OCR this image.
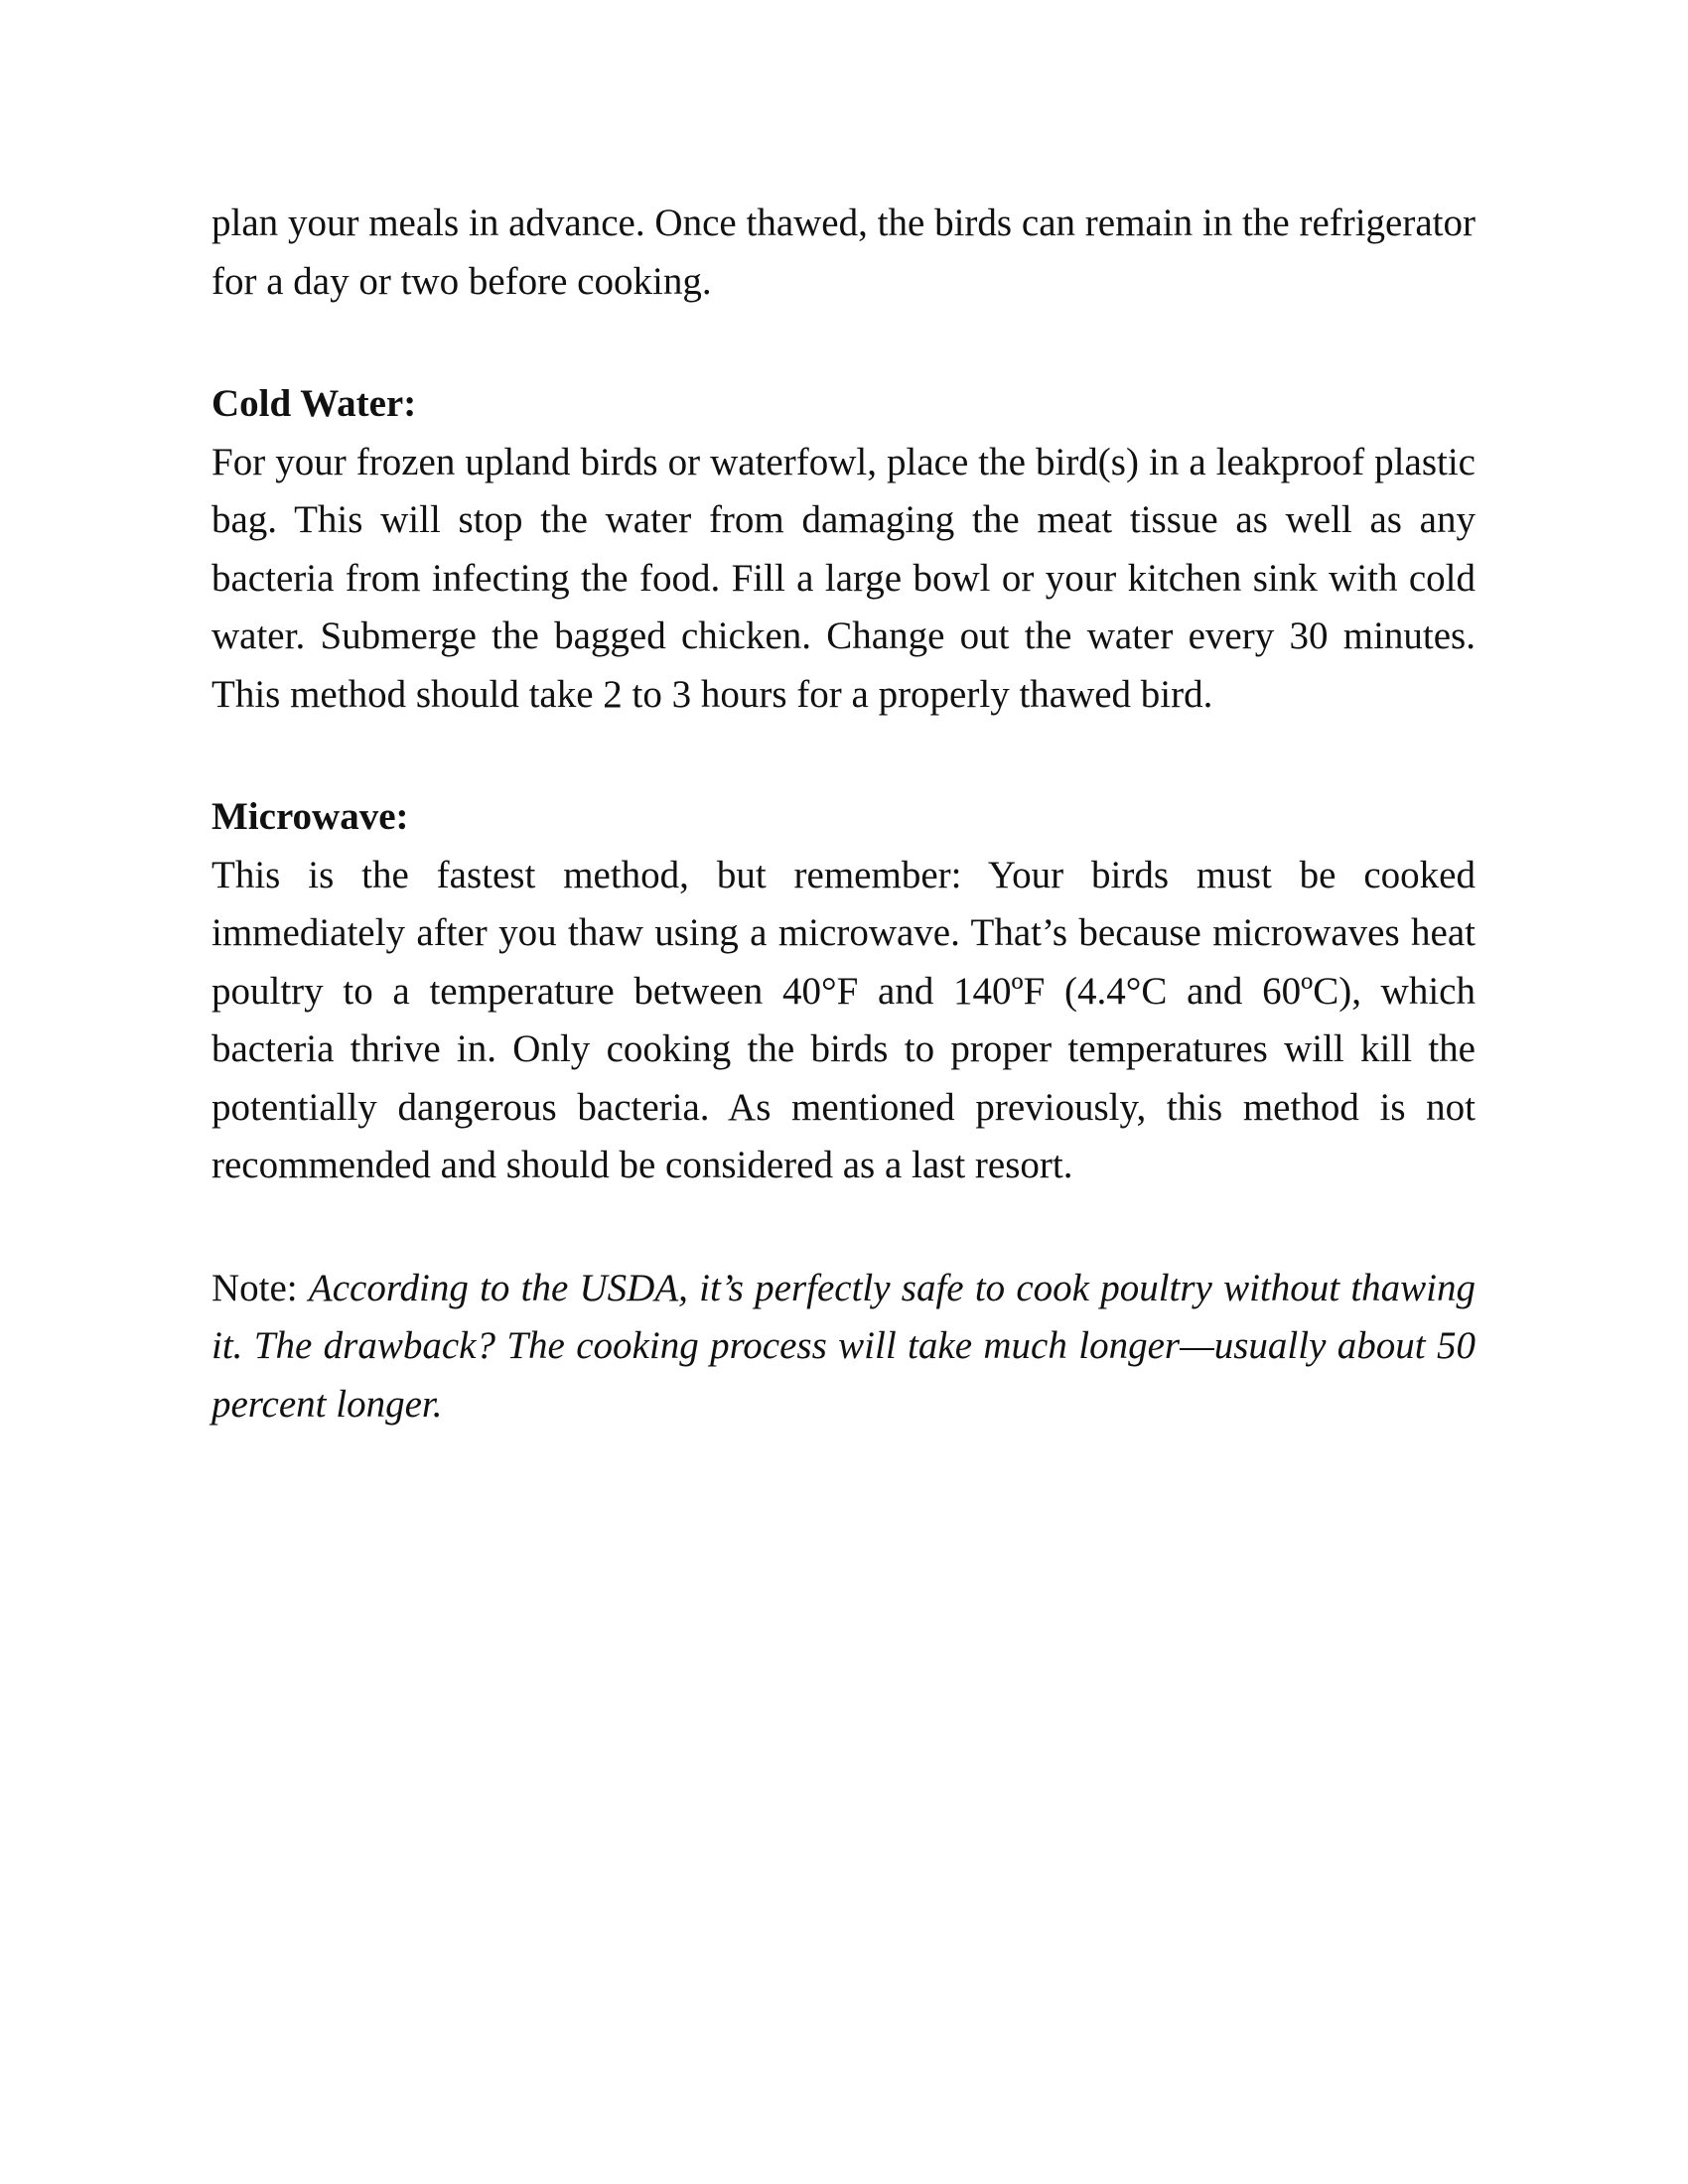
plan your meals in advance. Once thawed, the birds can remain in the refrigerator for a day or two before cooking.

Cold Water:

For your frozen upland birds or waterfowl, place the bird(s) in a leakproof plastic bag. This will stop the water from damaging the meat tissue as well as any bacteria from infecting the food. Fill a large bowl or your kitchen sink with cold water. Submerge the bagged chicken. Change out the water every 30 minutes. This method should take 2 to 3 hours for a properly thawed bird.

Microwave:

This is the fastest method, but remember: Your birds must be cooked immediately after you thaw using a microwave. That’s because microwaves heat poultry to a temperature between 40°F and 140ºF (4.4°C and 60ºC), which bacteria thrive in. Only cooking the birds to proper temperatures will kill the potentially dangerous bacteria. As mentioned previously, this method is not recommended and should be considered as a last resort.

Note: According to the USDA, it’s perfectly safe to cook poultry without thawing it. The drawback? The cooking process will take much longer—usually about 50 percent longer.
